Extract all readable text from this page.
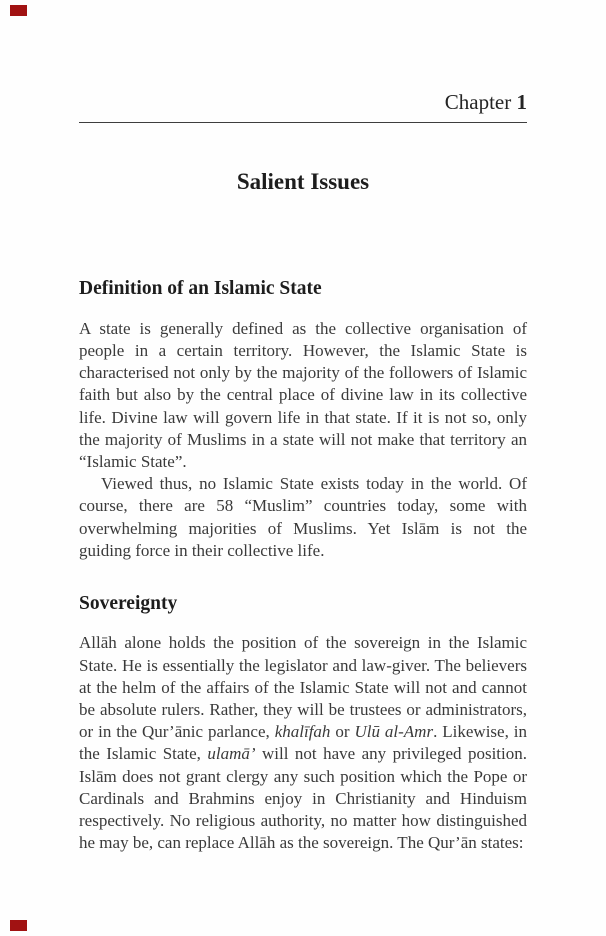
Chapter 1
Salient Issues
Definition of an Islamic State

A state is generally defined as the collective organisation of people in a certain territory. However, the Islamic State is characterised not only by the majority of the followers of Islamic faith but also by the central place of divine law in its collective life. Divine law will govern life in that state. If it is not so, only the majority of Muslims in a state will not make that territory an “Islamic State”.

Viewed thus, no Islamic State exists today in the world. Of course, there are 58 “Muslim” countries today, some with overwhelming majorities of Muslims. Yet Islām is not the guiding force in their collective life.

Sovereignty

Allāh alone holds the position of the sovereign in the Islamic State. He is essentially the legislator and law-giver. The believers at the helm of the affairs of the Islamic State will not and cannot be absolute rulers. Rather, they will be trustees or administrators, or in the Qur’ānic parlance, khalīfah or Ulū al-Amr. Likewise, in the Islamic State, ulamā’ will not have any privileged position. Islām does not grant clergy any such position which the Pope or Cardinals and Brahmins enjoy in Christianity and Hinduism respectively. No religious authority, no matter how distinguished he may be, can replace Allāh as the sovereign. The Qur’ān states:
